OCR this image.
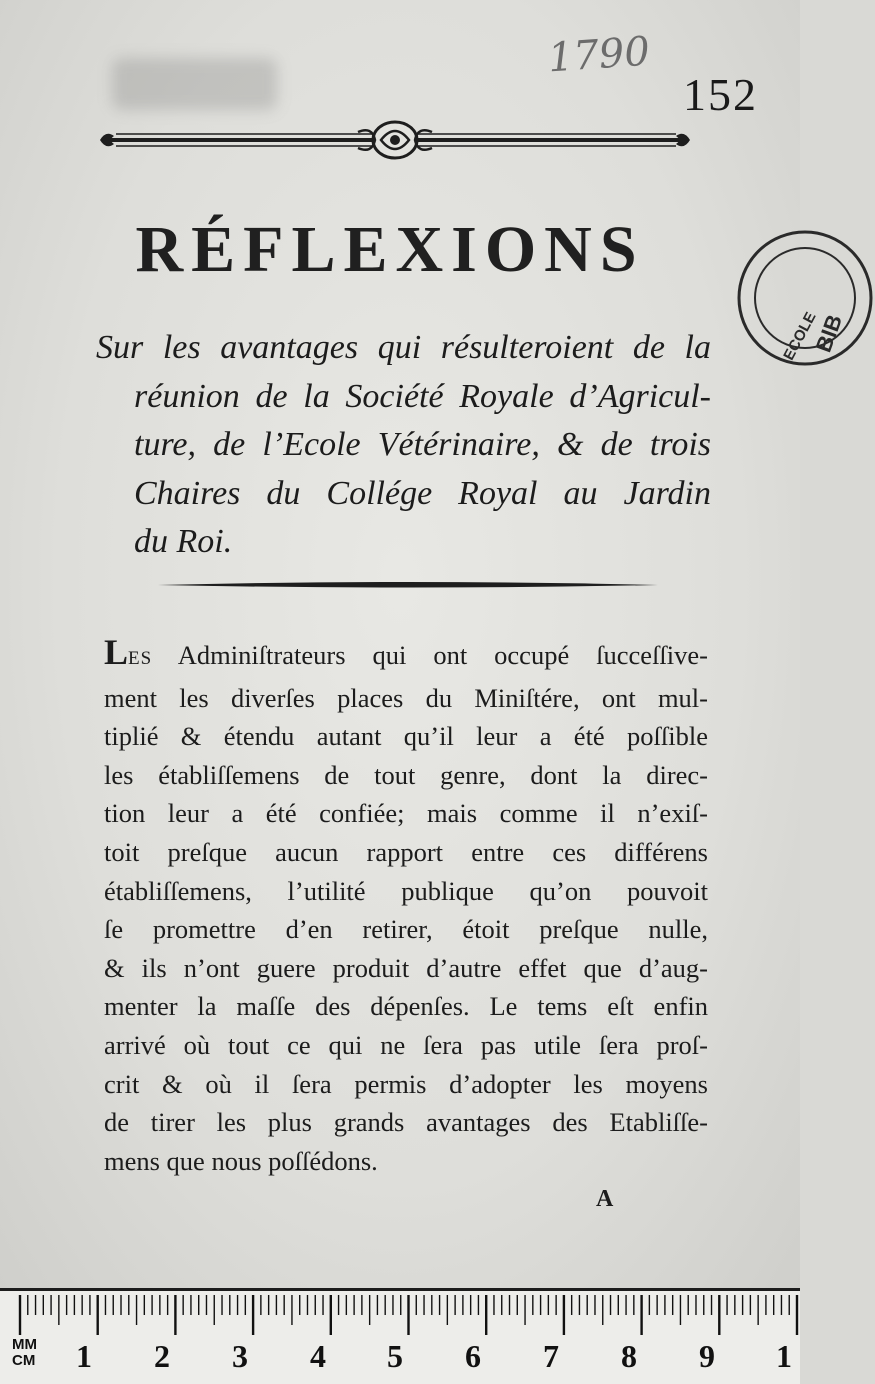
1790
152
ECOLE
BIB
RÉFLEXIONS
Sur les avantages qui résulteroient de la
réunion de la Société Royale d’Agricul-
ture, de l’Ecole Vétérinaire, & de trois
Chaires du Collége Royal au Jardin
du Roi.
LES Adminiſtrateurs qui ont occupé ſucceſſive-
ment les diverſes places du Miniſtére, ont mul-
tiplié & étendu autant qu’il leur a été poſſible
les établiſſemens de tout genre, dont la direc-
tion leur a été confiée; mais comme il n’exiſ-
toit preſque aucun rapport entre ces différens
établiſſemens, l’utilité publique qu’on pouvoit
ſe promettre d’en retirer, étoit preſque nulle,
& ils n’ont guere produit d’autre effet que d’aug-
menter la maſſe des dépenſes. Le tems eſt enfin
arrivé où tout ce qui ne ſera pas utile ſera proſ-
crit & où il ſera permis d’adopter les moyens
de tirer les plus grands avantages des Etabliſſe-
mens que nous poſſédons.
A
MM
CM 1 2 3 4 5 6 7 8 9 1
